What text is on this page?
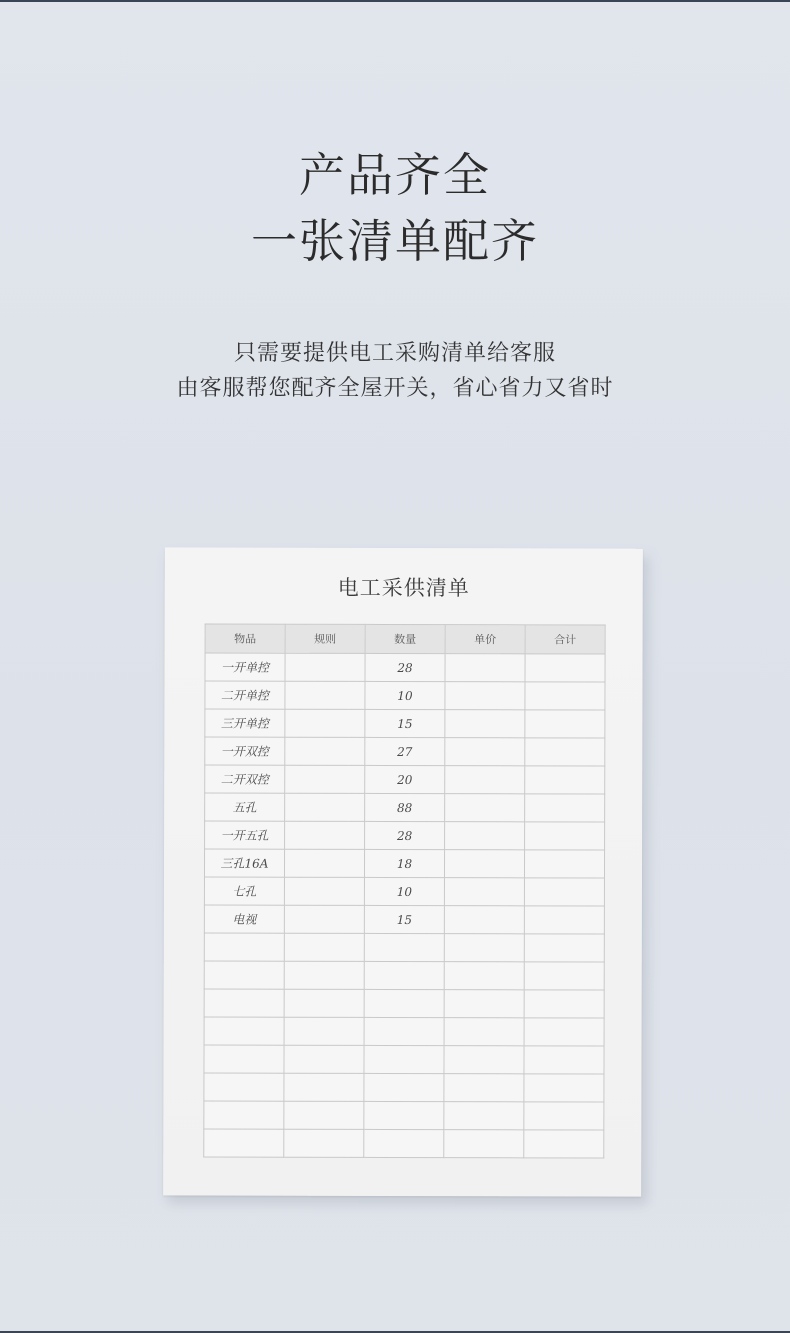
产品齐全
一张清单配齐
只需要提供电工采购清单给客服
由客服帮您配齐全屋开关，省心省力又省时
电工采供清单
物品	规则	数量	单价	合计
一开单控		28		
二开单控		10		
三开单控		15		
一开双控		27		
二开双控		20		
五孔		88		
一开五孔		28		
三孔16A		18		
七孔		10		
电视		15		
